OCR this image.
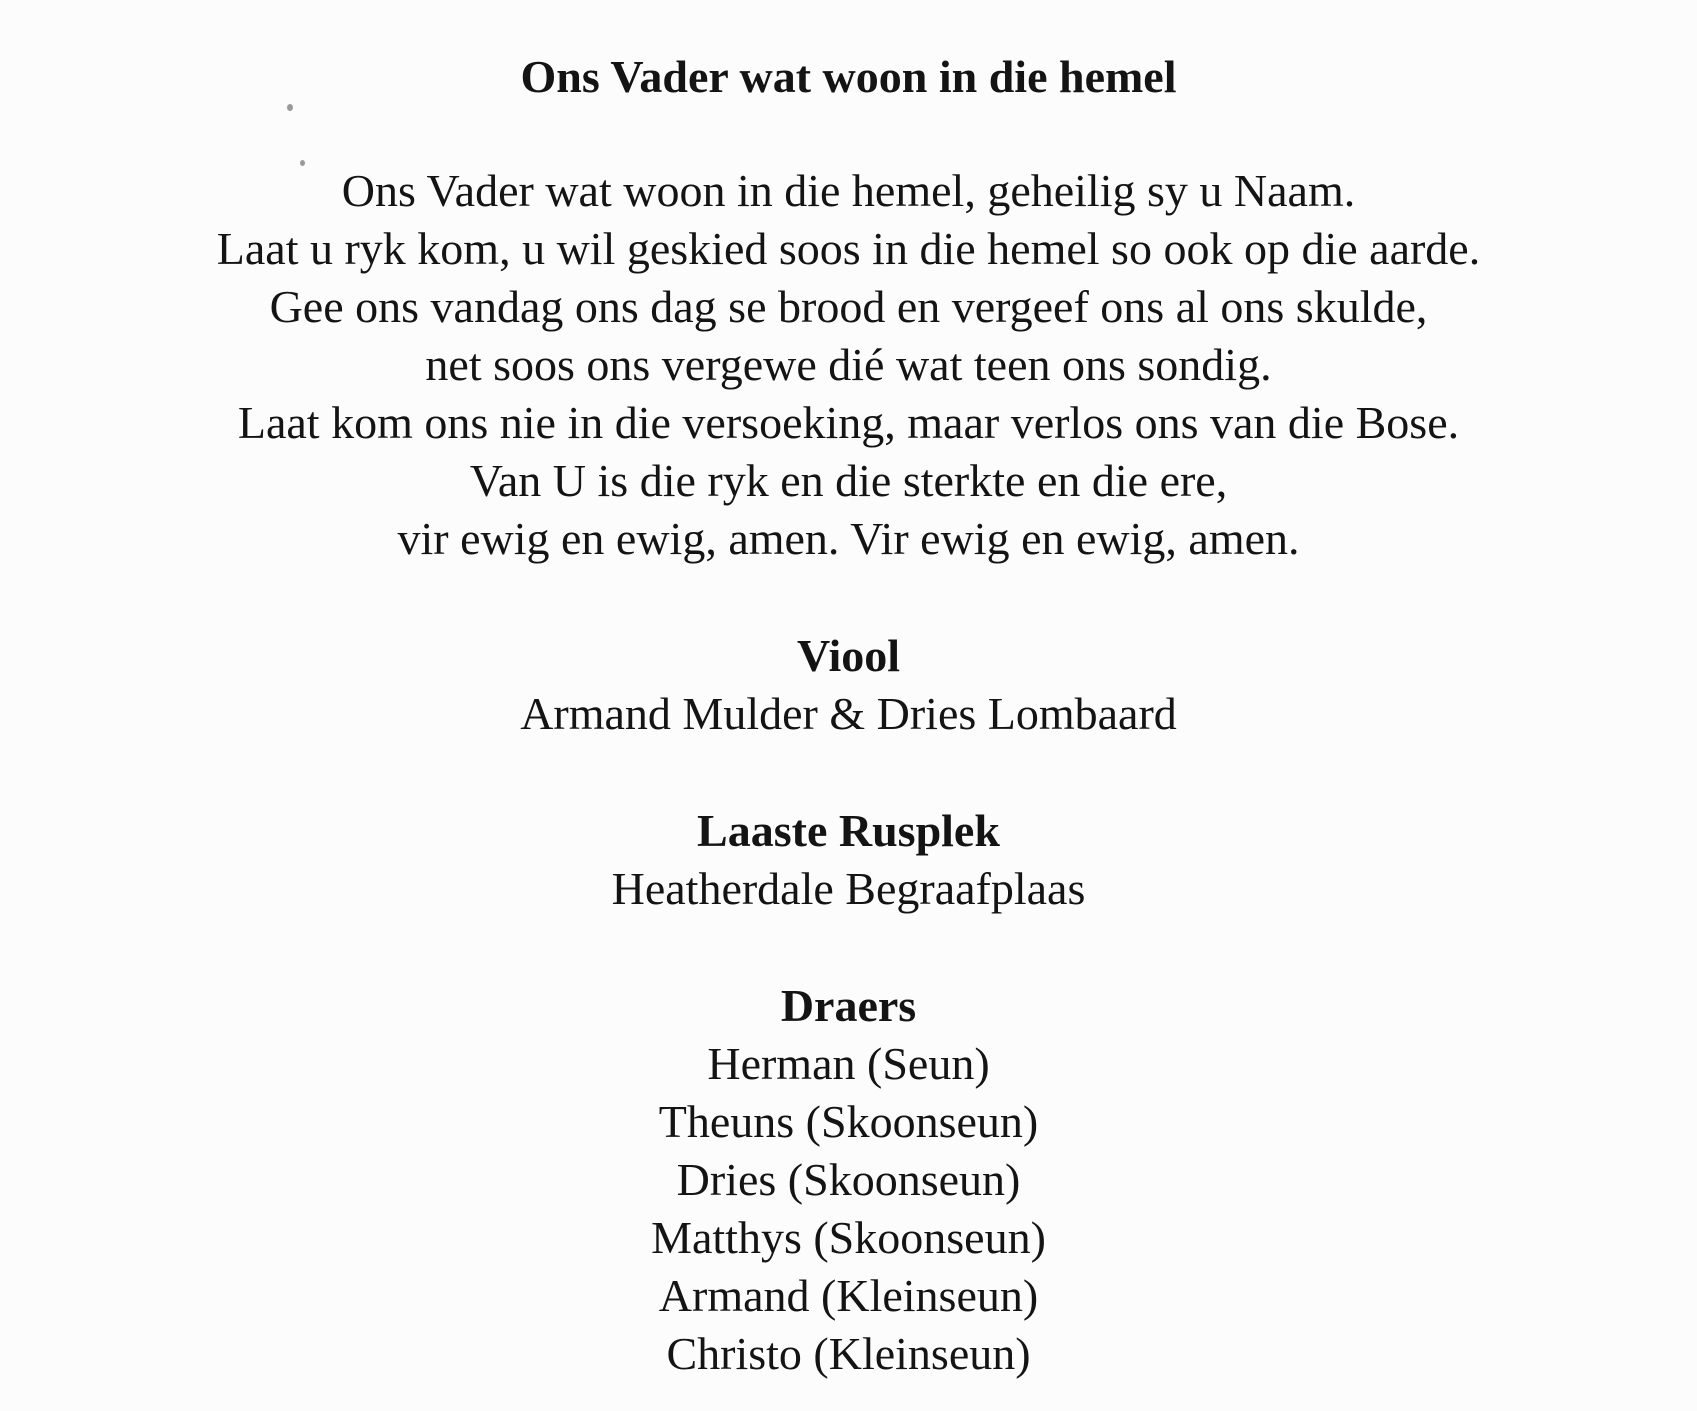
Ons Vader wat woon in die hemel
Ons Vader wat woon in die hemel, geheilig sy u Naam.
Laat u ryk kom, u wil geskied soos in die hemel so ook op die aarde.
Gee ons vandag ons dag se brood en vergeef ons al ons skulde,
net soos ons vergewe dié wat teen ons sondig.
Laat kom ons nie in die versoeking, maar verlos ons van die Bose.
Van U is die ryk en die sterkte en die ere,
vir ewig en ewig, amen. Vir ewig en ewig, amen.
Viool
Armand Mulder & Dries Lombaard
Laaste Rusplek
Heatherdale Begraafplaas
Draers
Herman (Seun)
Theuns (Skoonseun)
Dries (Skoonseun)
Matthys (Skoonseun)
Armand (Kleinseun)
Christo (Kleinseun)
